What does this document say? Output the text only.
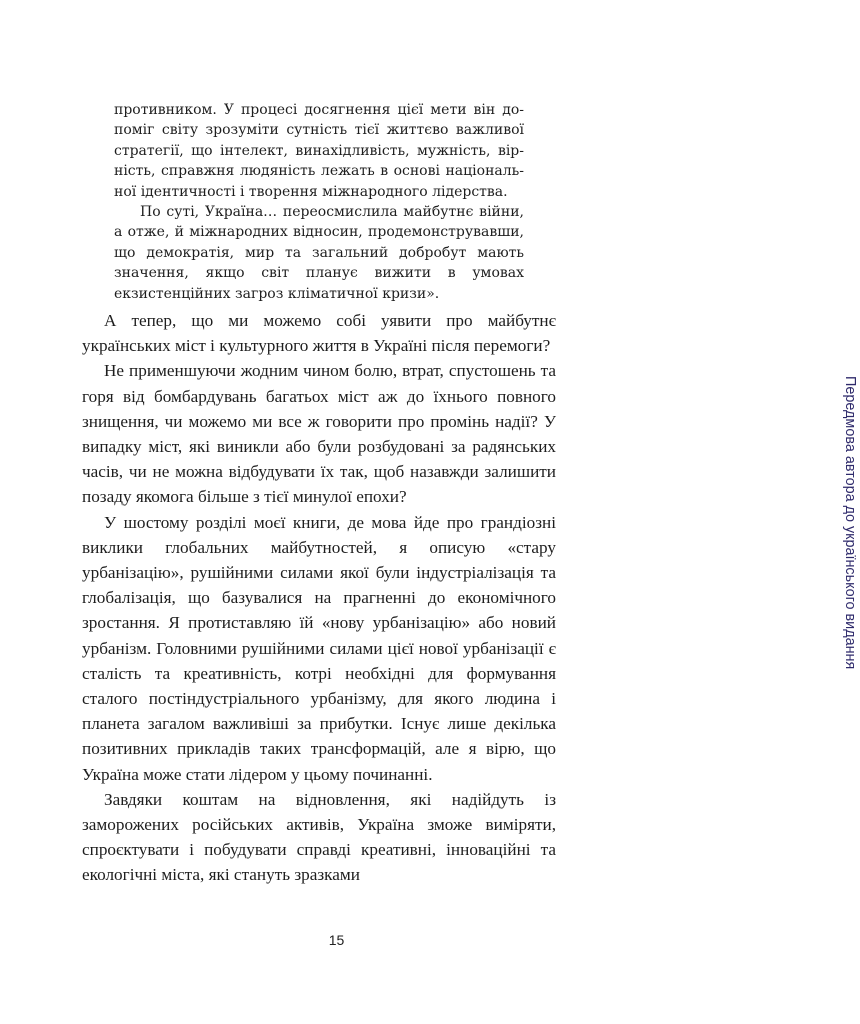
противником. У процесі досягнення цієї мети він допоміг світу зрозуміти сутність тієї життєво важливої стратегії, що інтелект, винахідливість, мужність, вірність, справжня людяність лежать в основі національної ідентичності і творення міжнародного лідерства.

По суті, Україна… переосмислила майбутнє війни, а отже, й міжнародних відносин, продемонструвавши, що демократія, мир та загальний добробут мають значення, якщо світ планує вижити в умовах екзистенційних загроз кліматичної кризи».

А тепер, що ми можемо собі уявити про майбутнє українських міст і культурного життя в Україні після перемоги?

Не применшуючи жодним чином болю, втрат, спустошень та горя від бомбардувань багатьох міст аж до їхнього повного знищення, чи можемо ми все ж говорити про промінь надії? У випадку міст, які виникли або були розбудовані за радянських часів, чи не можна відбудувати їх так, щоб назавжди залишити позаду якомога більше з тієї минулої епохи?

У шостому розділі моєї книги, де мова йде про грандіозні виклики глобальних майбутностей, я описую «стару урбанізацію», рушійними силами якої були індустріалізація та глобалізація, що базувалися на прагненні до економічного зростання. Я протиставляю їй «нову урбанізацію» або новий урбанізм. Головними рушійними силами цієї нової урбанізації є сталість та креативність, котрі необхідні для формування сталого постіндустріального урбанізму, для якого людина і планета загалом важливіші за прибутки. Існує лише декілька позитивних прикладів таких трансформацій, але я вірю, що Україна може стати лідером у цьому починанні.

Завдяки коштам на відновлення, які надійдуть із заморожених російських активів, Україна зможе виміряти, спроєктувати і побудувати справді креативні, інноваційні та екологічні міста, які стануть зразками

Передмова автора до українського видання
15
